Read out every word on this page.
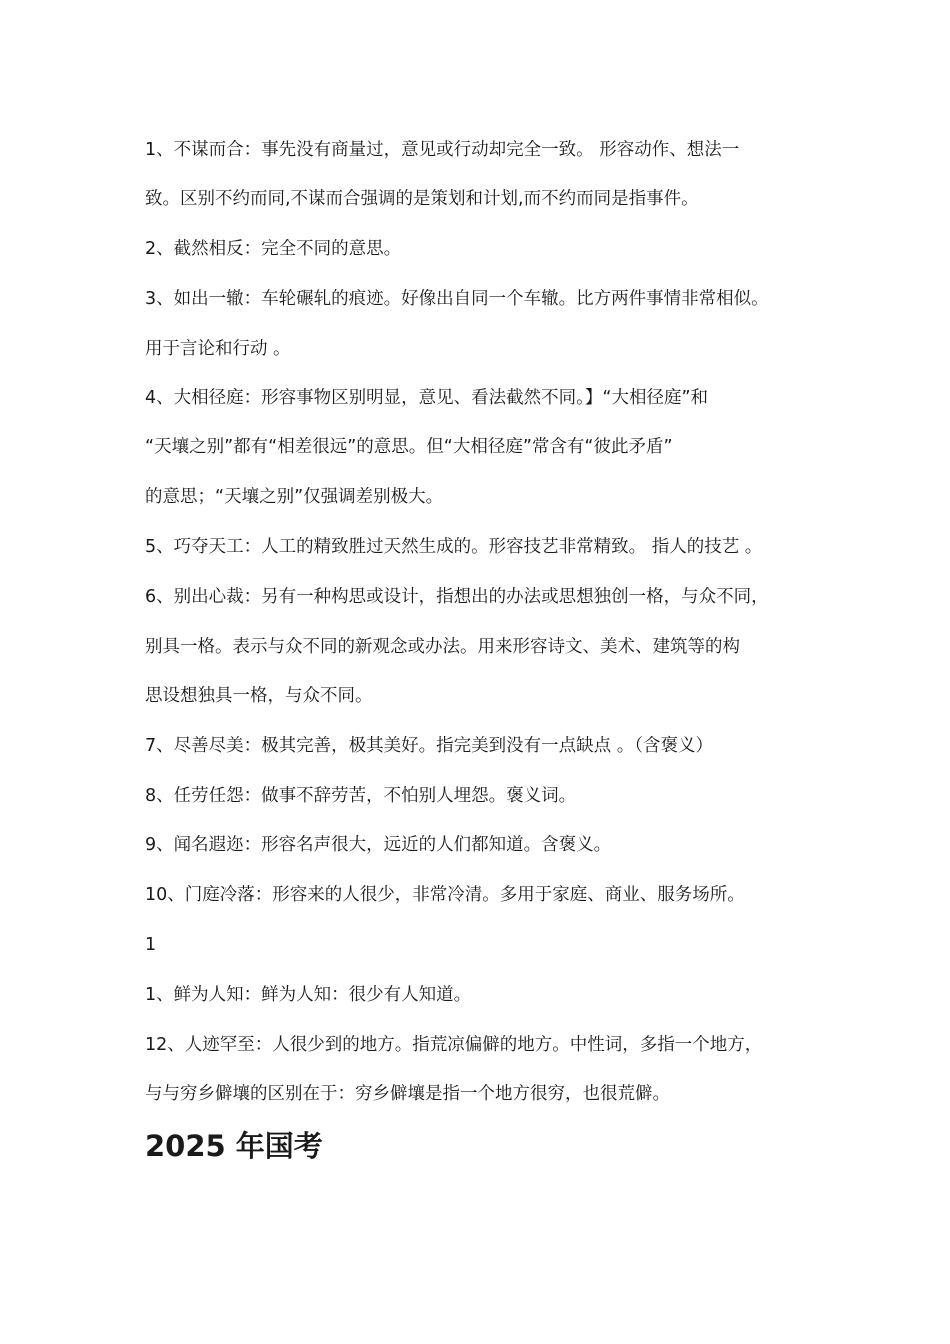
1、不谋而合：事先没有商量过，意见或行动却完全一致。 形容动作、想法一
致。区别不约而同,不谋而合强调的是策划和计划,而不约而同是指事件。
2、截然相反：完全不同的意思。
3、如出一辙：车轮碾轧的痕迹。好像出自同一个车辙。比方两件事情非常相似。
用于言论和行动 。
4、大相径庭：形容事物区别明显，意见、看法截然不同。】“大相径庭”和
“天壤之别”都有“相差很远”的意思。但“大相径庭”常含有“彼此矛盾”
的意思；“天壤之别”仅强调差别极大。
5、巧夺天工：人工的精致胜过天然生成的。形容技艺非常精致。 指人的技艺 。
6、别出心裁：另有一种构思或设计，指想出的办法或思想独创一格，与众不同，
别具一格。表示与众不同的新观念或办法。用来形容诗文、美术、建筑等的构
思设想独具一格，与众不同。
7、尽善尽美：极其完善，极其美好。指完美到没有一点缺点 。（含褒义）
8、任劳任怨：做事不辞劳苦，不怕别人埋怨。褒义词。
9、闻名遐迩：形容名声很大，远近的人们都知道。含褒义。
10、门庭冷落：形容来的人很少，非常冷清。多用于家庭、商业、服务场所。
1
1、鲜为人知：鲜为人知：很少有人知道。
12、人迹罕至：人很少到的地方。指荒凉偏僻的地方。中性词，多指一个地方，
与与穷乡僻壤的区别在于：穷乡僻壤是指一个地方很穷，也很荒僻。
2025 年国考
